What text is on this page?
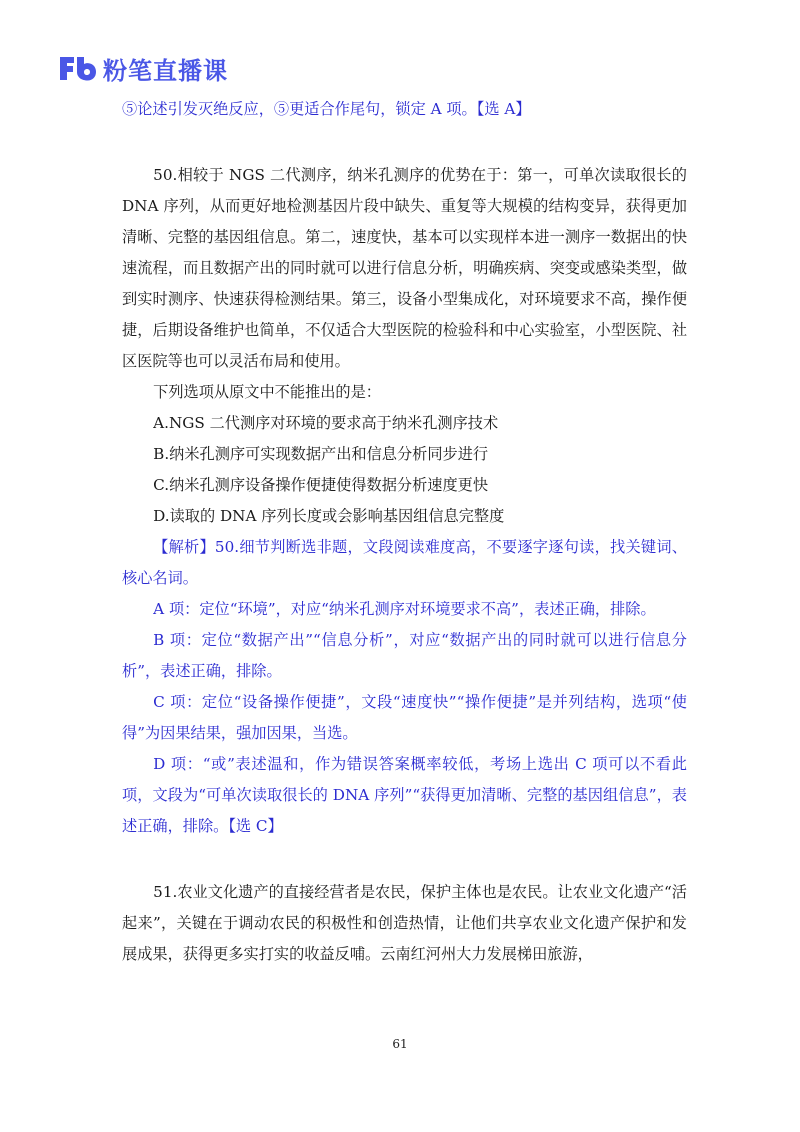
粉笔直播课

⑤论述引发灭绝反应，⑤更适合作尾句，锁定 A 项。【选 A】

50.相较于 NGS 二代测序，纳米孔测序的优势在于：第一，可单次读取很长的 DNA 序列，从而更好地检测基因片段中缺失、重复等大规模的结构变异，获得更加清晰、完整的基因组信息。第二，速度快，基本可以实现样本进一测序一数据出的快速流程，而且数据产出的同时就可以进行信息分析，明确疾病、突变或感染类型，做到实时测序、快速获得检测结果。第三，设备小型集成化，对环境要求不高，操作便捷，后期设备维护也简单，不仅适合大型医院的检验科和中心实验室，小型医院、社区医院等也可以灵活布局和使用。

下列选项从原文中不能推出的是：

A.NGS 二代测序对环境的要求高于纳米孔测序技术

B.纳米孔测序可实现数据产出和信息分析同步进行

C.纳米孔测序设备操作便捷使得数据分析速度更快

D.读取的 DNA 序列长度或会影响基因组信息完整度

【解析】50.细节判断选非题，文段阅读难度高，不要逐字逐句读，找关键词、核心名词。

A 项：定位“环境”，对应“纳米孔测序对环境要求不高”，表述正确，排除。

B 项：定位“数据产出”“信息分析”，对应“数据产出的同时就可以进行信息分析”，表述正确，排除。

C 项：定位“设备操作便捷”，文段“速度快”“操作便捷”是并列结构，选项“使得”为因果结果，强加因果，当选。

D 项：“或”表述温和，作为错误答案概率较低，考场上选出 C 项可以不看此项，文段为“可单次读取很长的 DNA 序列”“获得更加清晰、完整的基因组信息”，表述正确，排除。【选 C】

51.农业文化遗产的直接经营者是农民，保护主体也是农民。让农业文化遗产“活起来”，关键在于调动农民的积极性和创造热情，让他们共享农业文化遗产保护和发展成果，获得更多实打实的收益反哺。云南红河州大力发展梯田旅游，

61
